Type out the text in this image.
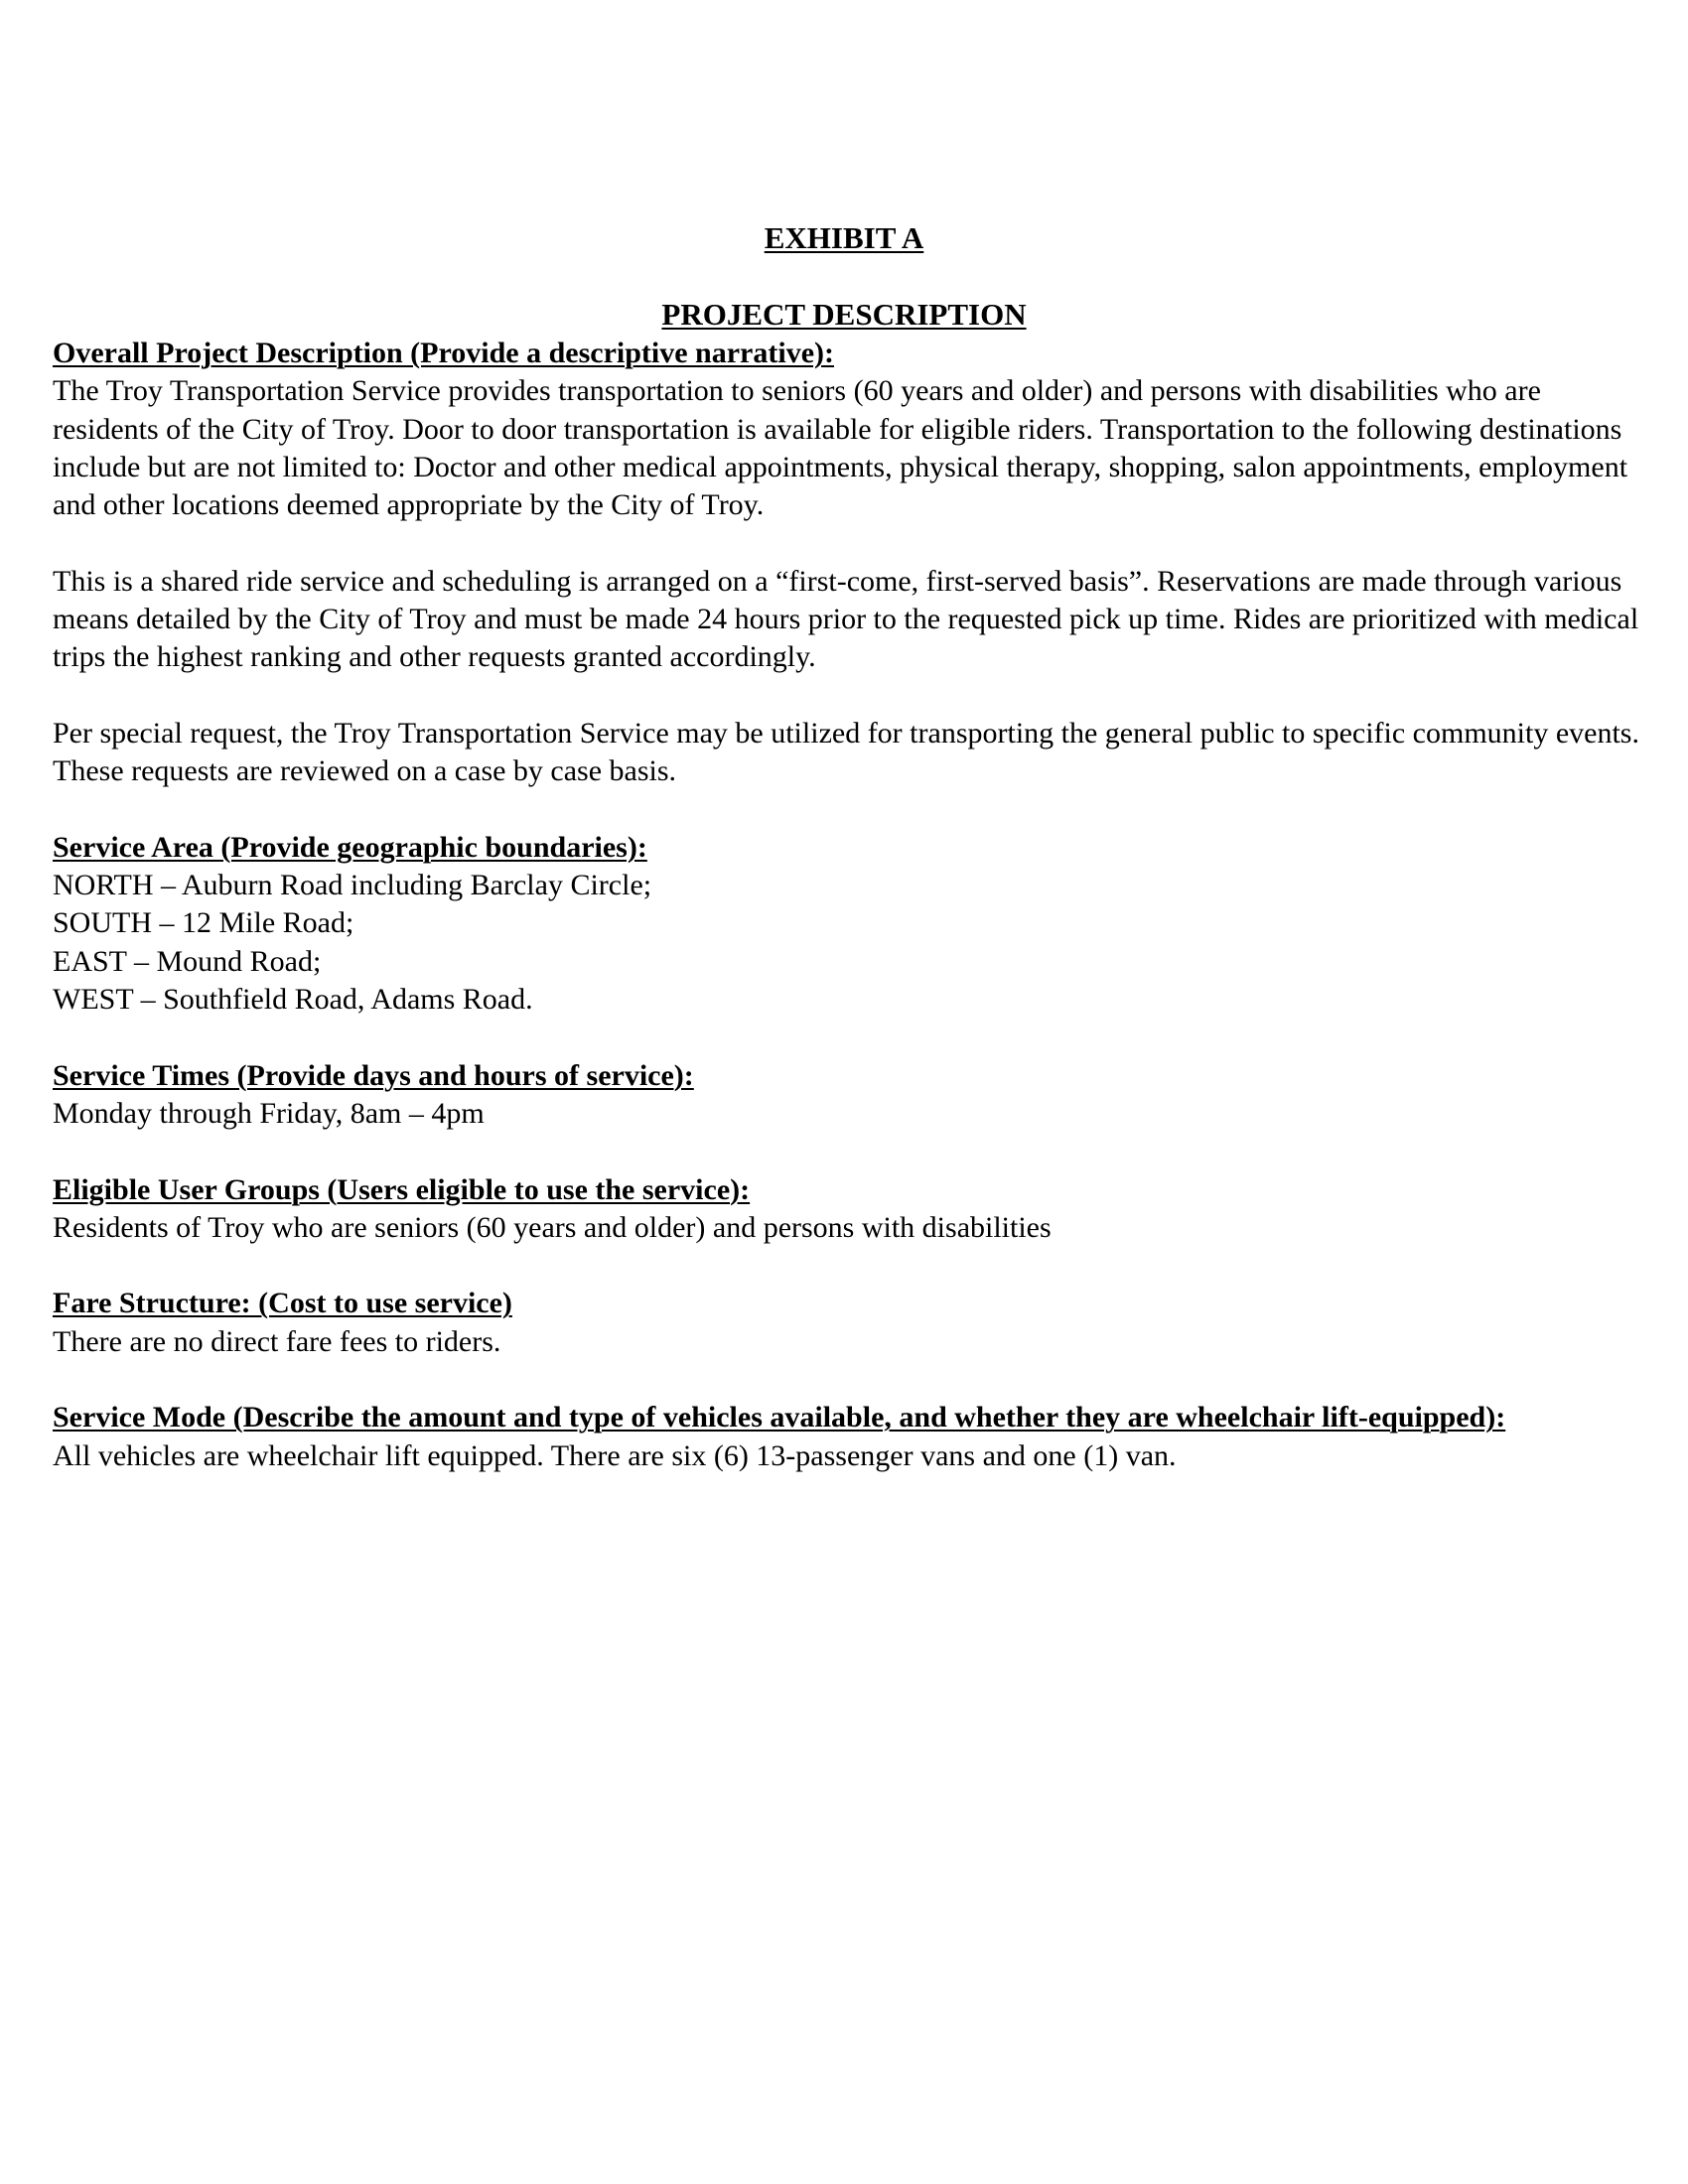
EXHIBIT A
PROJECT DESCRIPTION

Overall Project Description (Provide a descriptive narrative):

The Troy Transportation Service provides transportation to seniors (60 years and older) and persons with disabilities who are residents of the City of Troy. Door to door transportation is available for eligible riders. Transportation to the following destinations include but are not limited to: Doctor and other medical appointments, physical therapy, shopping, salon appointments, employment and other locations deemed appropriate by the City of Troy.

This is a shared ride service and scheduling is arranged on a “first-come, first-served basis”. Reservations are made through various means detailed by the City of Troy and must be made 24 hours prior to the requested pick up time. Rides are prioritized with medical trips the highest ranking and other requests granted accordingly.

Per special request, the Troy Transportation Service may be utilized for transporting the general public to specific community events. These requests are reviewed on a case by case basis.

Service Area (Provide geographic boundaries):

NORTH – Auburn Road including Barclay Circle;
SOUTH – 12 Mile Road;
EAST – Mound Road;
WEST – Southfield Road, Adams Road.

Service Times (Provide days and hours of service):

Monday through Friday, 8am – 4pm

Eligible User Groups (Users eligible to use the service):

Residents of Troy who are seniors (60 years and older) and persons with disabilities

Fare Structure: (Cost to use service)

There are no direct fare fees to riders.

Service Mode (Describe the amount and type of vehicles available, and whether they are wheelchair lift-equipped):

All vehicles are wheelchair lift equipped. There are six (6) 13-passenger vans and one (1) van.
